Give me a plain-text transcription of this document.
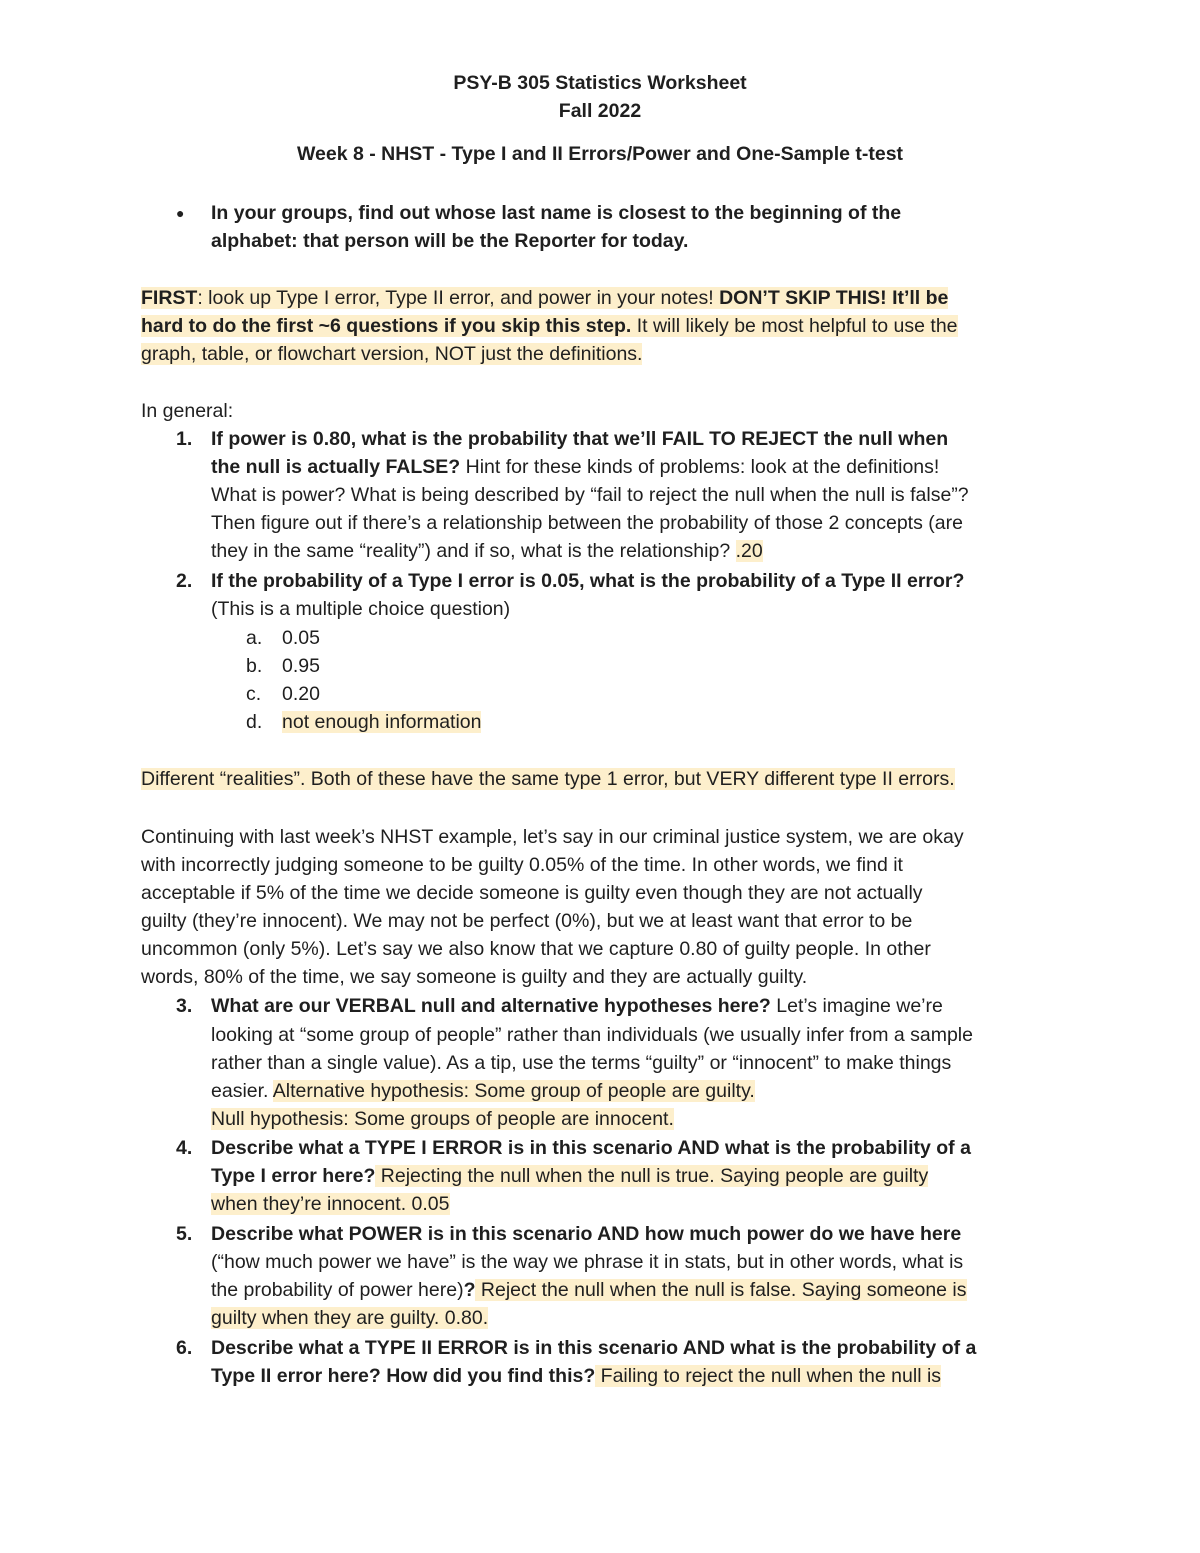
PSY-B 305 Statistics Worksheet
Fall 2022
Week 8 - NHST - Type I and II Errors/Power and One-Sample t-test
● In your groups, find out whose last name is closest to the beginning of the
alphabet: that person will be the Reporter for today.
FIRST: look up Type I error, Type II error, and power in your notes! DON’T SKIP THIS! It’ll be
hard to do the first ~6 questions if you skip this step. It will likely be most helpful to use the
graph, table, or flowchart version, NOT just the definitions.
In general:
1. If power is 0.80, what is the probability that we’ll FAIL TO REJECT the null when
the null is actually FALSE? Hint for these kinds of problems: look at the definitions!
What is power? What is being described by “fail to reject the null when the null is false”?
Then figure out if there’s a relationship between the probability of those 2 concepts (are
they in the same “reality”) and if so, what is the relationship? .20
2. If the probability of a Type I error is 0.05, what is the probability of a Type II error?
(This is a multiple choice question)
a. 0.05
b. 0.95
c. 0.20
d. not enough information
Different “realities”. Both of these have the same type 1 error, but VERY different type II errors.
Continuing with last week’s NHST example, let’s say in our criminal justice system, we are okay
with incorrectly judging someone to be guilty 0.05% of the time. In other words, we find it
acceptable if 5% of the time we decide someone is guilty even though they are not actually
guilty (they’re innocent). We may not be perfect (0%), but we at least want that error to be
uncommon (only 5%). Let’s say we also know that we capture 0.80 of guilty people. In other
words, 80% of the time, we say someone is guilty and they are actually guilty.
3. What are our VERBAL null and alternative hypotheses here? Let’s imagine we’re
looking at “some group of people” rather than individuals (we usually infer from a sample
rather than a single value). As a tip, use the terms “guilty” or “innocent” to make things
easier. Alternative hypothesis: Some group of people are guilty.
Null hypothesis: Some groups of people are innocent.
4. Describe what a TYPE I ERROR is in this scenario AND what is the probability of a
Type I error here? Rejecting the null when the null is true. Saying people are guilty
when they’re innocent. 0.05
5. Describe what POWER is in this scenario AND how much power do we have here
(“how much power we have” is the way we phrase it in stats, but in other words, what is
the probability of power here)? Reject the null when the null is false. Saying someone is
guilty when they are guilty. 0.80.
6. Describe what a TYPE II ERROR is in this scenario AND what is the probability of a
Type II error here? How did you find this? Failing to reject the null when the null is
